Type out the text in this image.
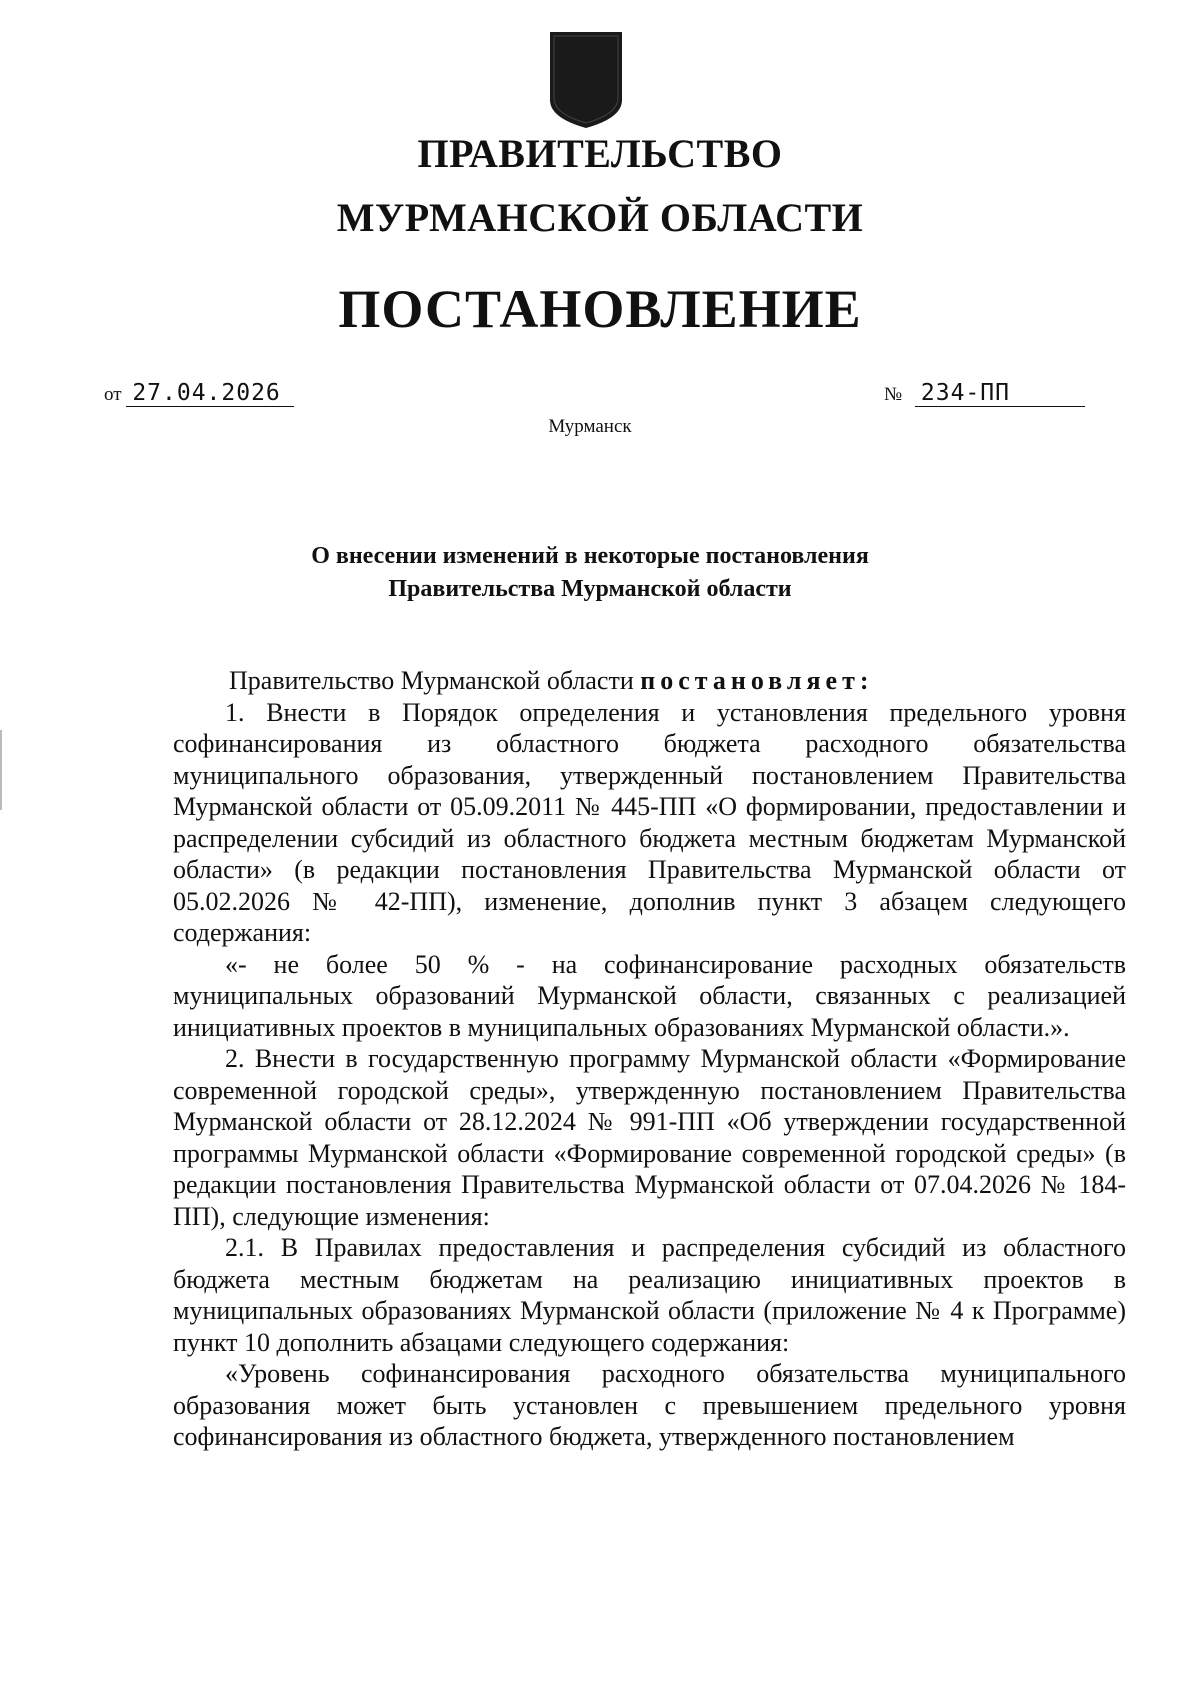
ПРАВИТЕЛЬСТВО
МУРМАНСКОЙ ОБЛАСТИ
ПОСТАНОВЛЕНИЕ
от 27.04.2026	№ 234-ПП
Мурманск
О внесении изменений в некоторые постановления
Правительства Мурманской области

Правительство Мурманской области постановляет:

1. Внести в Порядок определения и установления предельного уровня софинансирования из областного бюджета расходного обязательства муниципального образования, утвержденный постановлением Правительства Мурманской области от 05.09.2011 № 445-ПП «О формировании, предоставлении и распределении субсидий из областного бюджета местным бюджетам Мурманской области» (в редакции постановления Правительства Мурманской области от 05.02.2026 № 42-ПП), изменение, дополнив пункт 3 абзацем следующего содержания:

«- не более 50 % - на софинансирование расходных обязательств муниципальных образований Мурманской области, связанных с реализацией инициативных проектов в муниципальных образованиях Мурманской области.».

2. Внести в государственную программу Мурманской области «Формирование современной городской среды», утвержденную постановлением Правительства Мурманской области от 28.12.2024 № 991-ПП «Об утверждении государственной программы Мурманской области «Формирование современной городской среды» (в редакции постановления Правительства Мурманской области от 07.04.2026 № 184-ПП), следующие изменения:

2.1. В Правилах предоставления и распределения субсидий из областного бюджета местным бюджетам на реализацию инициативных проектов в муниципальных образованиях Мурманской области (приложение № 4 к Программе) пункт 10 дополнить абзацами следующего содержания:

«Уровень софинансирования расходного обязательства муниципального образования может быть установлен с превышением предельного уровня софинансирования из областного бюджета, утвержденного постановлением
